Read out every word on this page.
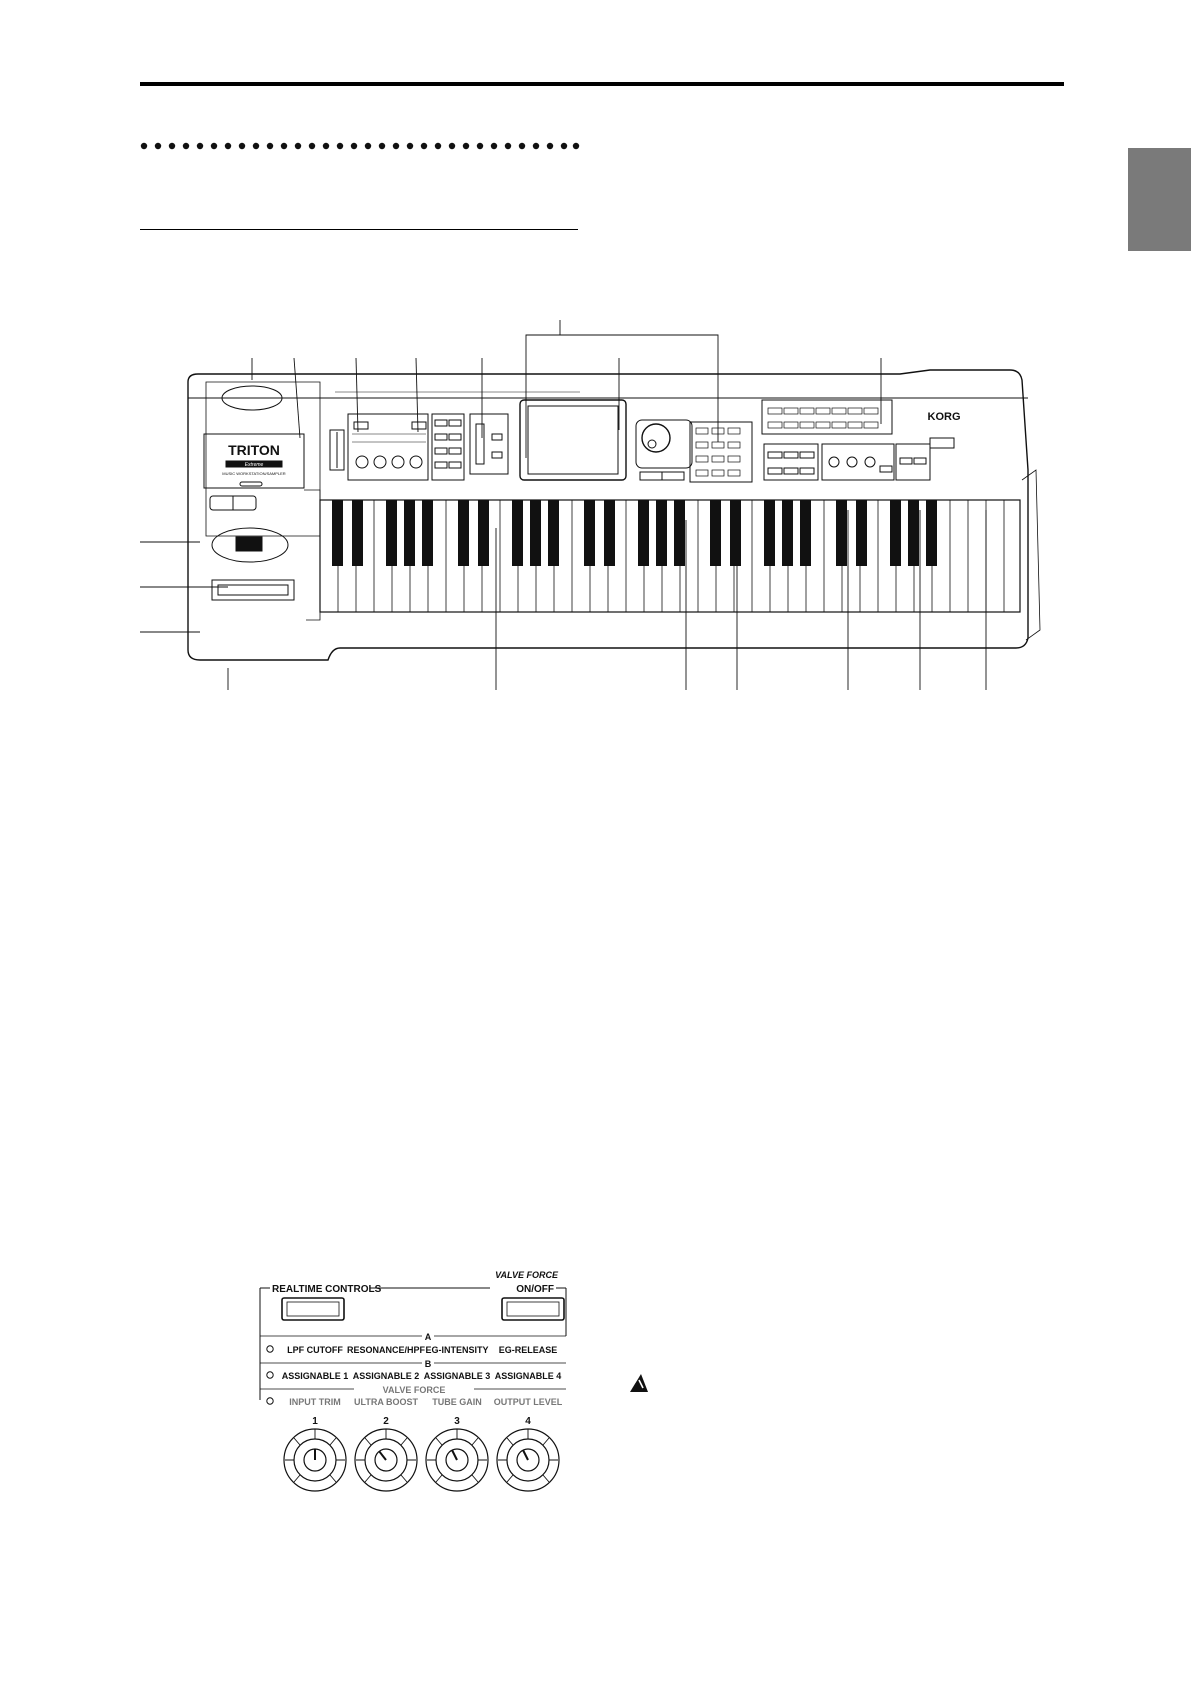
TRITON
Extreme
MUSIC WORKSTATION/SAMPLER
KORG
REALTIME CONTROLS
VALVE FORCE
ON/OFF
A
LPF CUTOFF RESONANCE/HPF EG-INTENSITY EG-RELEASE
B
ASSIGNABLE 1 ASSIGNABLE 2 ASSIGNABLE 3 ASSIGNABLE 4
VALVE FORCE
INPUT TRIM ULTRA BOOST TUBE GAIN OUTPUT LEVEL
1	2	3	4
